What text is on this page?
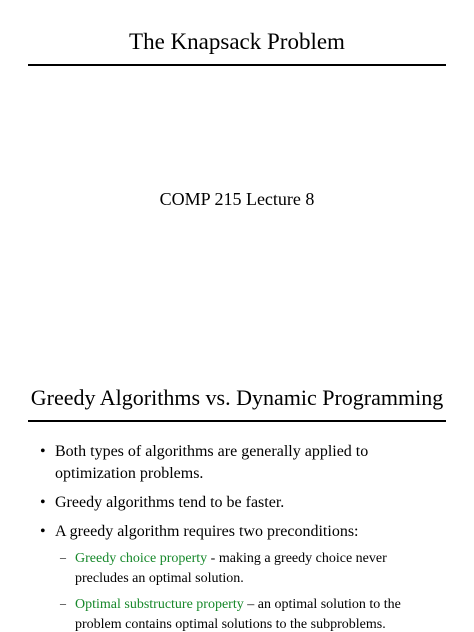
The Knapsack Problem
COMP 215 Lecture 8
Greedy Algorithms vs. Dynamic Programming
• Both types of algorithms are generally applied to optimization problems.
• Greedy algorithms tend to be faster.
• A greedy algorithm requires two preconditions:
– Greedy choice property - making a greedy choice never precludes an optimal solution.
– Optimal substructure property – an optimal solution to the problem contains optimal solutions to the subproblems.
